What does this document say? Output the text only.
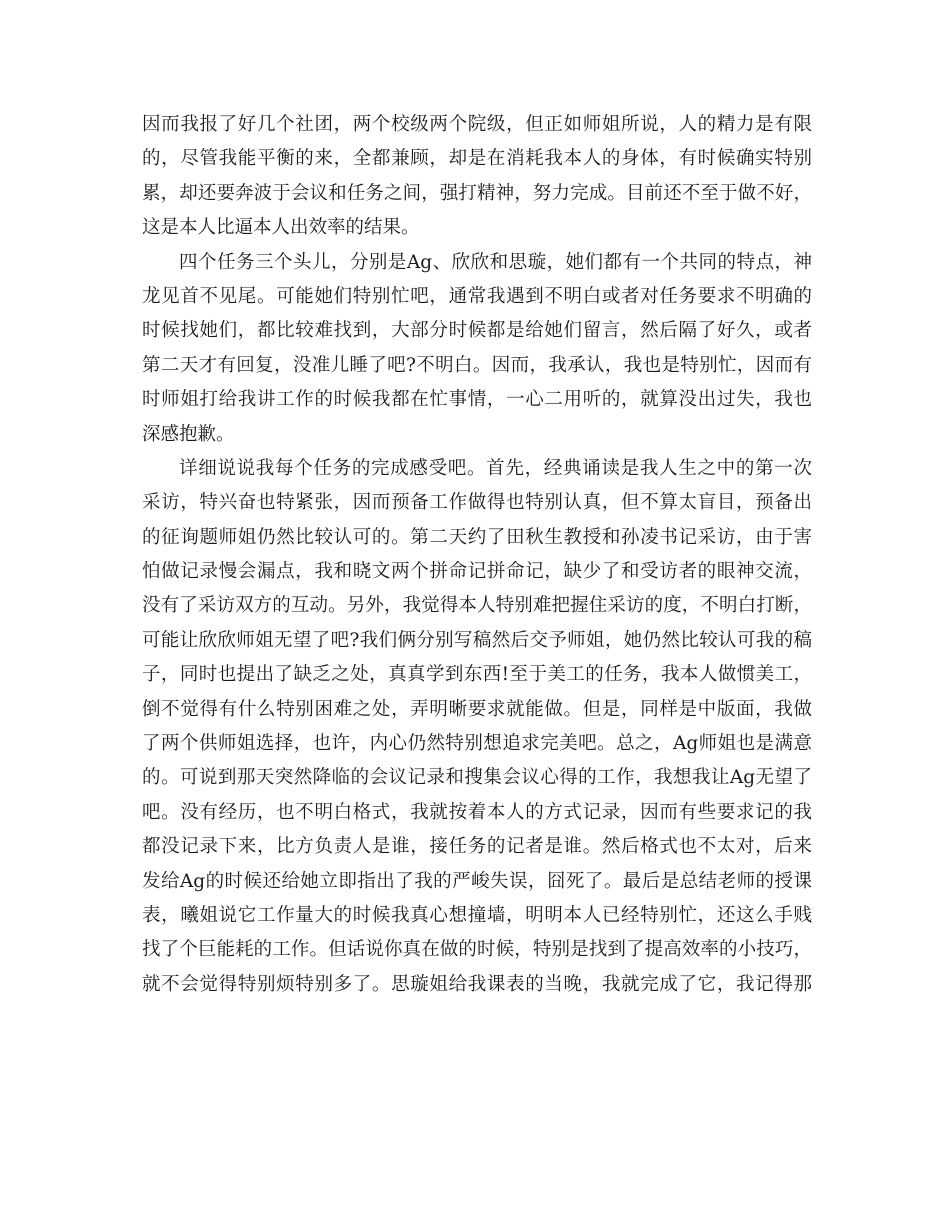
因而我报了好几个社团，两个校级两个院级，但正如师姐所说，人的精力是有限
的，尽管我能平衡的来，全都兼顾，却是在消耗我本人的身体，有时候确实特别
累，却还要奔波于会议和任务之间，强打精神，努力完成。目前还不至于做不好，
这是本人比逼本人出效率的结果。
四个任务三个头儿，分别是Ag、欣欣和思璇，她们都有一个共同的特点，神
龙见首不见尾。可能她们特别忙吧，通常我遇到不明白或者对任务要求不明确的
时候找她们，都比较难找到，大部分时候都是给她们留言，然后隔了好久，或者
第二天才有回复，没准儿睡了吧?不明白。因而，我承认，我也是特别忙，因而有
时师姐打给我讲工作的时候我都在忙事情，一心二用听的，就算没出过失，我也
深感抱歉。
详细说说我每个任务的完成感受吧。首先，经典诵读是我人生之中的第一次
采访，特兴奋也特紧张，因而预备工作做得也特别认真，但不算太盲目，预备出
的征询题师姐仍然比较认可的。第二天约了田秋生教授和孙凌书记采访，由于害
怕做记录慢会漏点，我和晓文两个拼命记拼命记，缺少了和受访者的眼神交流，
没有了采访双方的互动。另外，我觉得本人特别难把握住采访的度，不明白打断，
可能让欣欣师姐无望了吧?我们俩分别写稿然后交予师姐，她仍然比较认可我的稿
子，同时也提出了缺乏之处，真真学到东西!至于美工的任务，我本人做惯美工，
倒不觉得有什么特别困难之处，弄明晰要求就能做。但是，同样是中版面，我做
了两个供师姐选择，也许，内心仍然特别想追求完美吧。总之，Ag师姐也是满意
的。可说到那天突然降临的会议记录和搜集会议心得的工作，我想我让Ag无望了
吧。没有经历，也不明白格式，我就按着本人的方式记录，因而有些要求记的我
都没记录下来，比方负责人是谁，接任务的记者是谁。然后格式也不太对，后来
发给Ag的时候还给她立即指出了我的严峻失误，囧死了。最后是总结老师的授课
表，曦姐说它工作量大的时候我真心想撞墙，明明本人已经特别忙，还这么手贱
找了个巨能耗的工作。但话说你真在做的时候，特别是找到了提高效率的小技巧，
就不会觉得特别烦特别多了。思璇姐给我课表的当晚，我就完成了它，我记得那
